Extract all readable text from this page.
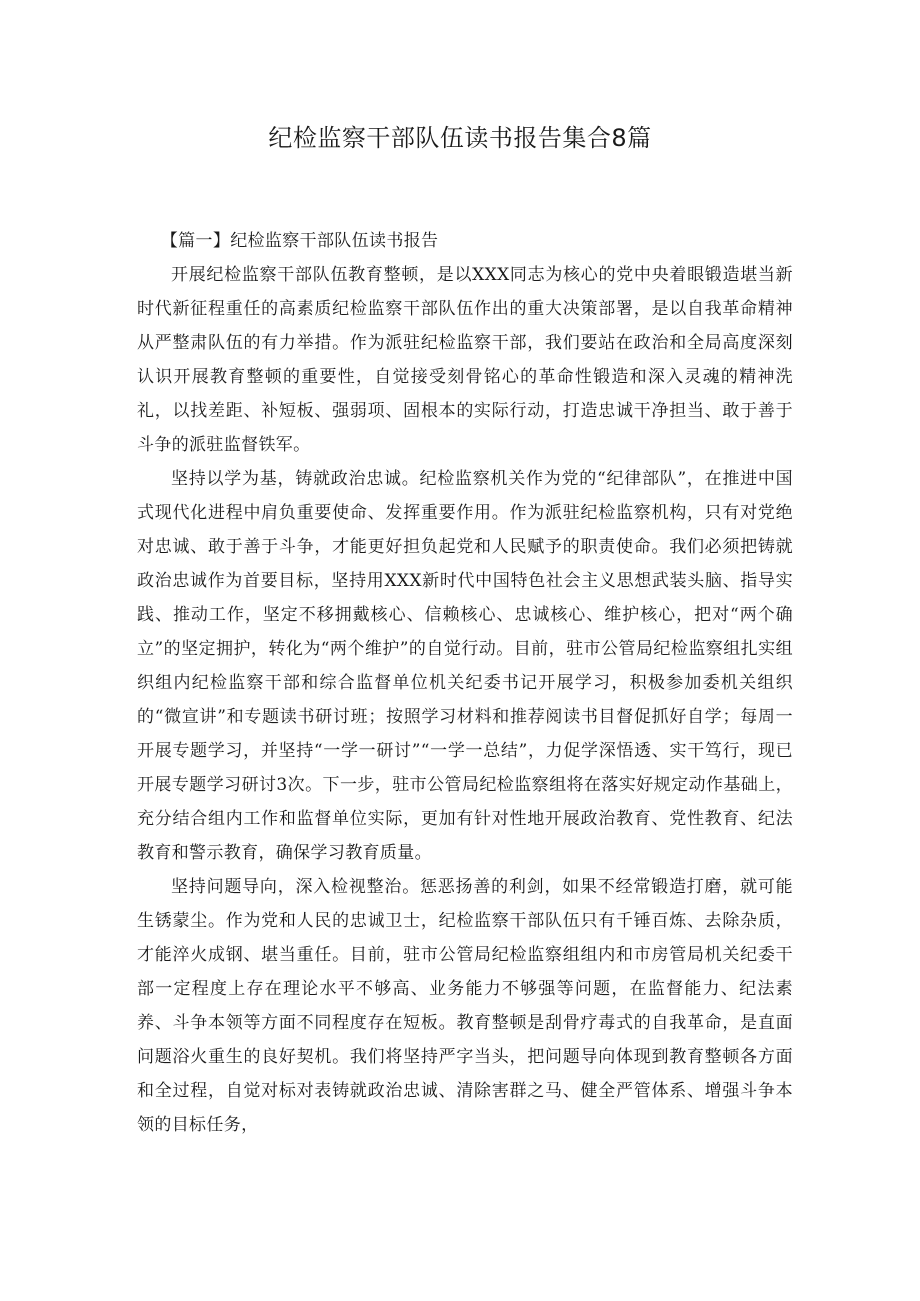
纪检监察干部队伍读书报告集合8篇

【篇一】纪检监察干部队伍读书报告

开展纪检监察干部队伍教育整顿，是以XXX同志为核心的党中央着眼锻造堪当新时代新征程重任的高素质纪检监察干部队伍作出的重大决策部署，是以自我革命精神从严整肃队伍的有力举措。作为派驻纪检监察干部，我们要站在政治和全局高度深刻认识开展教育整顿的重要性，自觉接受刻骨铭心的革命性锻造和深入灵魂的精神洗礼，以找差距、补短板、强弱项、固根本的实际行动，打造忠诚干净担当、敢于善于斗争的派驻监督铁军。

坚持以学为基，铸就政治忠诚。纪检监察机关作为党的“纪律部队”，在推进中国式现代化进程中肩负重要使命、发挥重要作用。作为派驻纪检监察机构，只有对党绝对忠诚、敢于善于斗争，才能更好担负起党和人民赋予的职责使命。我们必须把铸就政治忠诚作为首要目标，坚持用XXX新时代中国特色社会主义思想武装头脑、指导实践、推动工作，坚定不移拥戴核心、信赖核心、忠诚核心、维护核心，把对“两个确立”的坚定拥护，转化为“两个维护”的自觉行动。目前，驻市公管局纪检监察组扎实组织组内纪检监察干部和综合监督单位机关纪委书记开展学习，积极参加委机关组织的“微宣讲”和专题读书研讨班；按照学习材料和推荐阅读书目督促抓好自学；每周一开展专题学习，并坚持“一学一研讨”“一学一总结”，力促学深悟透、实干笃行，现已开展专题学习研讨3次。下一步，驻市公管局纪检监察组将在落实好规定动作基础上，充分结合组内工作和监督单位实际，更加有针对性地开展政治教育、党性教育、纪法教育和警示教育，确保学习教育质量。

坚持问题导向，深入检视整治。惩恶扬善的利剑，如果不经常锻造打磨，就可能生锈蒙尘。作为党和人民的忠诚卫士，纪检监察干部队伍只有千锤百炼、去除杂质，才能淬火成钢、堪当重任。目前，驻市公管局纪检监察组组内和市房管局机关纪委干部一定程度上存在理论水平不够高、业务能力不够强等问题，在监督能力、纪法素养、斗争本领等方面不同程度存在短板。教育整顿是刮骨疗毒式的自我革命，是直面问题浴火重生的良好契机。我们将坚持严字当头，把问题导向体现到教育整顿各方面和全过程，自觉对标对表铸就政治忠诚、清除害群之马、健全严管体系、增强斗争本领的目标任务，
